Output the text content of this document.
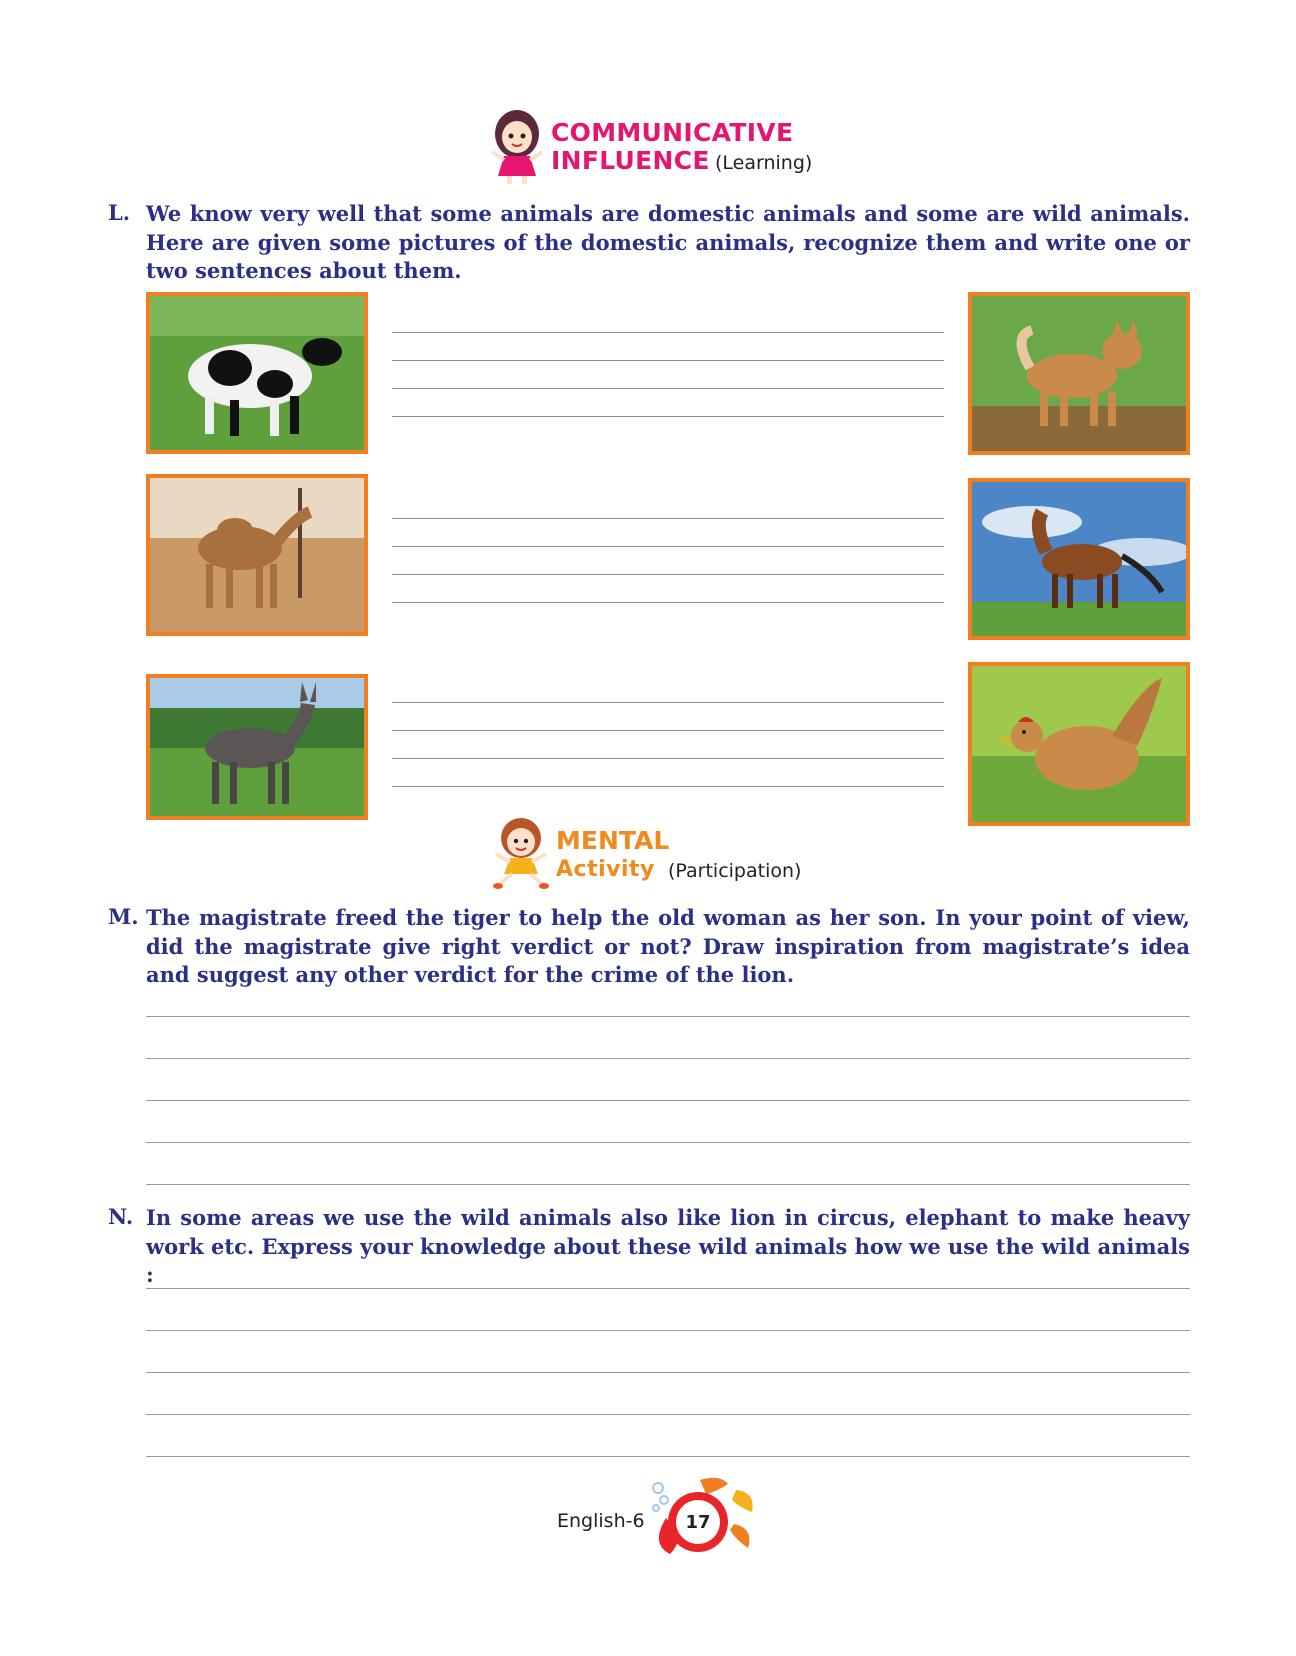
COMMUNICATIVE
INFLUENCE (Learning)
L. We know very well that some animals are domestic animals and some are wild animals. Here are given some pictures of the domestic animals, recognize them and write one or two sentences about them.

MENTAL
Activity (Participation)
M. The magistrate freed the tiger to help the old woman as her son. In your point of view, did the magistrate give right verdict or not? Draw inspiration from magistrate’s idea and suggest any other verdict for the crime of the lion.

N. In some areas we use the wild animals also like lion in circus, elephant to make heavy work etc. Express your knowledge about these wild animals how we use the wild animals :

English-6	17
